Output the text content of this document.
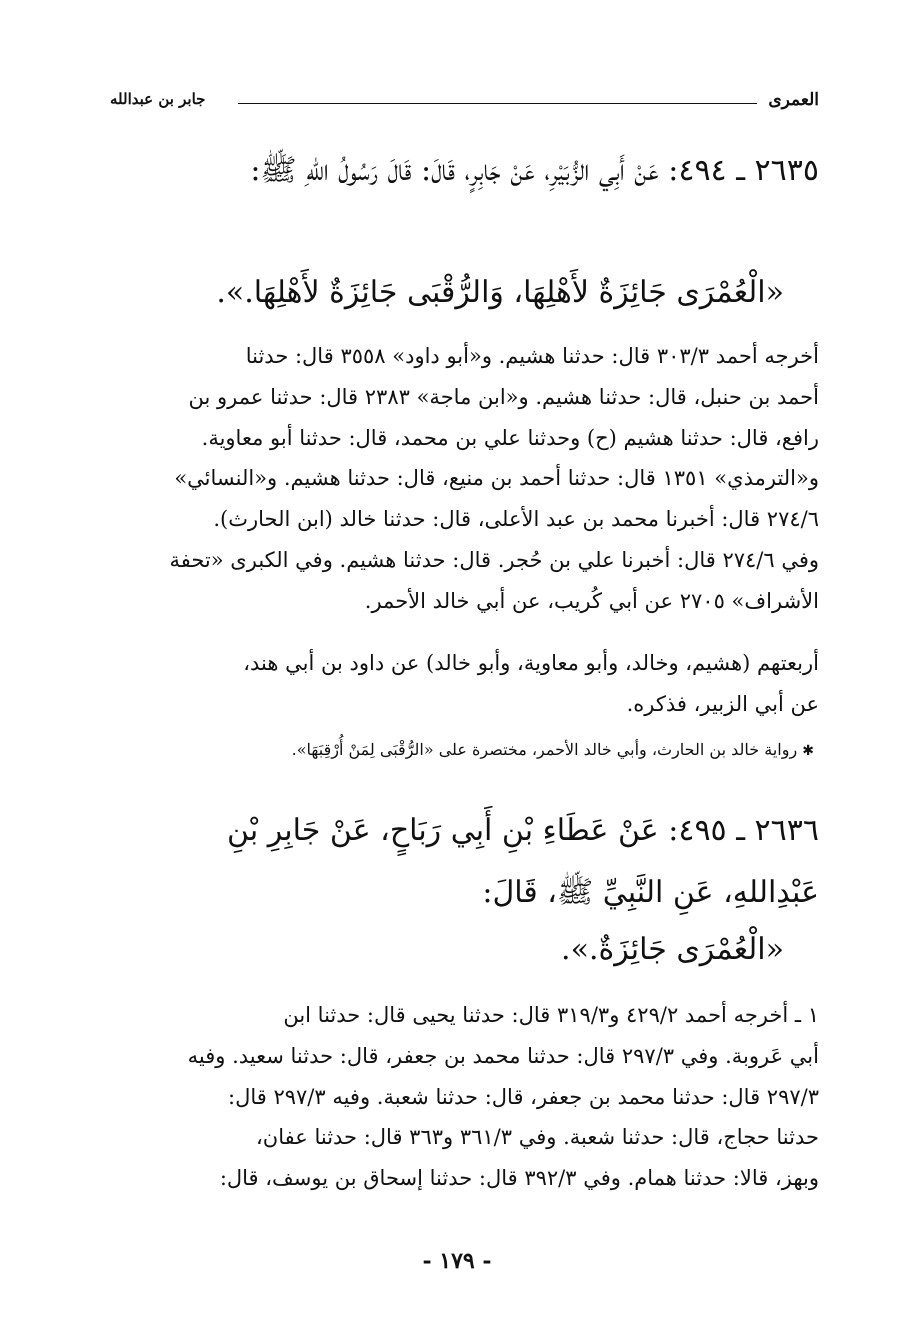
العمرى
جابر بن عبدالله
٢٦٣٥ ـ ٤٩٤: عَنْ أَبِي الزُّبَيْرِ، عَنْ جَابِرٍ، قَالَ: قَالَ رَسُولُ اللهِ ﷺ:
«الْعُمْرَى جَائِزَةٌ لأَهْلِهَا، وَالرُّقْبَى جَائِزَةٌ لأَهْلِهَا.».

أخرجه أحمد ٣٠٣/٣ قال: حدثنا هشيم. و«أبو داود» ٣٥٥٨ قال: حدثنا

أحمد بن حنبل، قال: حدثنا هشيم. و«ابن ماجة» ٢٣٨٣ قال: حدثنا عمرو بن

رافع، قال: حدثنا هشيم (ح) وحدثنا علي بن محمد، قال: حدثنا أبو معاوية.

و«الترمذي» ١٣٥١ قال: حدثنا أحمد بن منيع، قال: حدثنا هشيم. و«النسائي»

٢٧٤/٦ قال: أخبرنا محمد بن عبد الأعلى، قال: حدثنا خالد (ابن الحارث).

وفي ٢٧٤/٦ قال: أخبرنا علي بن حُجر. قال: حدثنا هشيم. وفي الكبرى «تحفة

الأشراف» ٢٧٠٥ عن أبي كُريب، عن أبي خالد الأحمر.

أربعتهم (هشيم، وخالد، وأبو معاوية، وأبو خالد) عن داود بن أبي هند،

عن أبي الزبير، فذكره.

✱ رواية خالد بن الحارث، وأبي خالد الأحمر، مختصرة على «الرُّقْبَى لِمَنْ أُرْقِبَهَا».
٢٦٣٦ ـ ٤٩٥: عَنْ عَطَاءِ بْنِ أَبِي رَبَاحٍ، عَنْ جَابِرِ بْنِ
عَبْدِاللهِ، عَنِ النَّبِيِّ ﷺ، قَالَ:
«الْعُمْرَى جَائِزَةٌ.».

١ ـ أخرجه أحمد ٤٢٩/٢ و٣١٩/٣ قال: حدثنا يحيى قال: حدثنا ابن

أبي عَروبة. وفي ٢٩٧/٣ قال: حدثنا محمد بن جعفر، قال: حدثنا سعيد. وفيه

٢٩٧/٣ قال: حدثنا محمد بن جعفر، قال: حدثنا شعبة. وفيه ٢٩٧/٣ قال:

حدثنا حجاج، قال: حدثنا شعبة. وفي ٣٦١/٣ و٣٦٣ قال: حدثنا عفان،

وبهز، قالا: حدثنا همام. وفي ٣٩٢/٣ قال: حدثنا إسحاق بن يوسف، قال:

- ١٧٩ -
